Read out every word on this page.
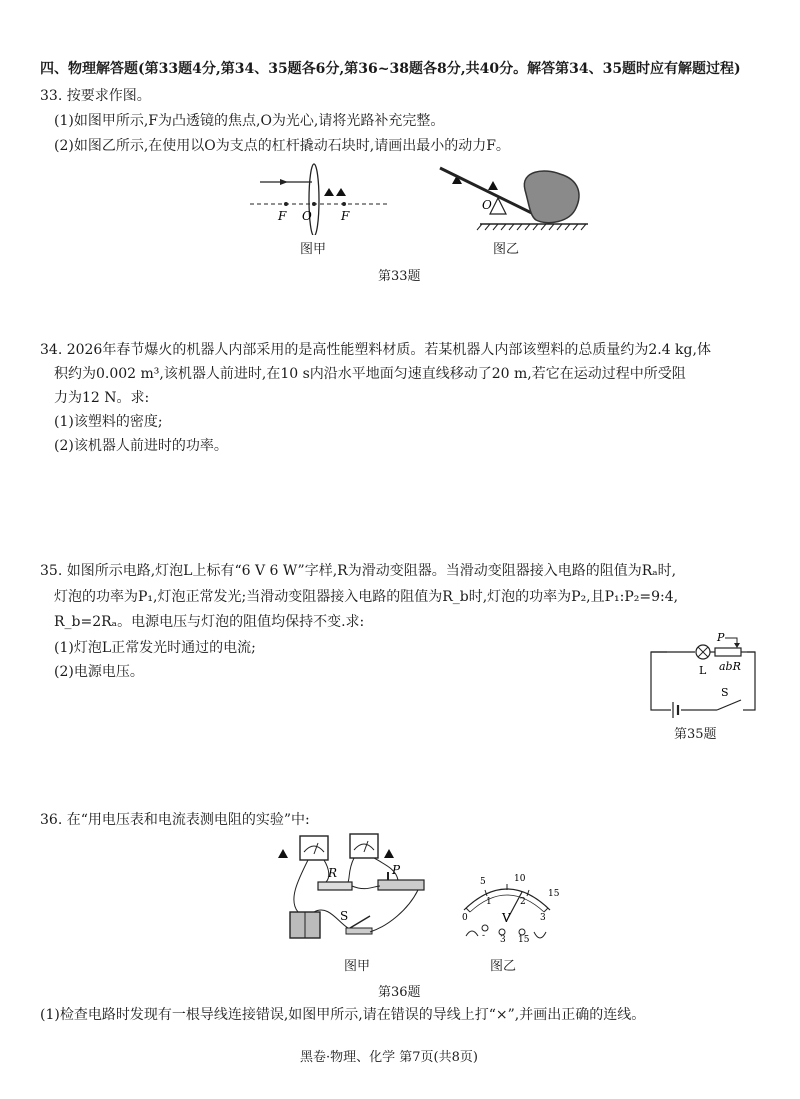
四、物理解答题(第33题4分,第34、35题各6分,第36~38题各8分,共40分。解答第34、35题时应有解题过程)
33. 按要求作图。
(1)如图甲所示,F为凸透镜的焦点,O为光心,请将光路补充完整。
(2)如图乙所示,在使用以O为支点的杠杆撬动石块时,请画出最小的动力F。
F O F
图甲
O
图乙
第33题
34. 2026年春节爆火的机器人内部采用的是高性能塑料材质。若某机器人内部该塑料的总质量约为2.4 kg,体
积约为0.002 m³,该机器人前进时,在10 s内沿水平地面匀速直线移动了20 m,若它在运动过程中所受阻
力为12 N。求:
(1)该塑料的密度;
(2)该机器人前进时的功率。
35. 如图所示电路,灯泡L上标有“6 V 6 W”字样,R为滑动变阻器。当滑动变阻器接入电路的阻值为Rₐ时,
灯泡的功率为P₁,灯泡正常发光;当滑动变阻器接入电路的阻值为R_b时,灯泡的功率为P₂,且P₁:P₂=9:4,
R_b=2Rₐ。电源电压与灯泡的阻值均保持不变.求:
(1)灯泡L正常发光时通过的电流;
(2)电源电压。
P
L abR
S
第35题
36. 在“用电压表和电流表测电阻的实验”中:
R	P
S
图甲
5	10
15
0
1	2
3
V
- 3 15
图乙
第36题
(1)检查电路时发现有一根导线连接错误,如图甲所示,请在错误的导线上打“×”,并画出正确的连线。
黑卷·物理、化学 第7页(共8页)
